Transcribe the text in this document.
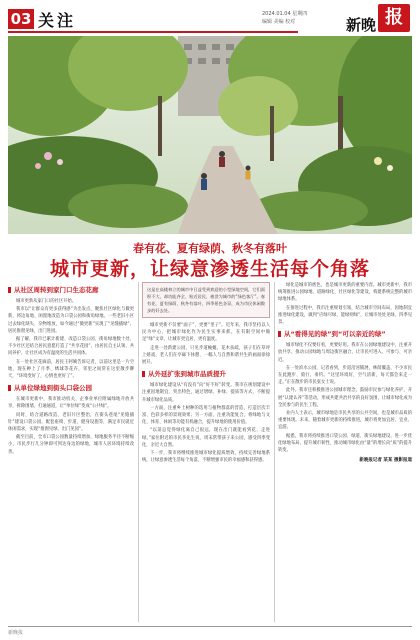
03 关注	2024.01.04 星期四
编辑 美编 校对	新晚 报
春有花、夏有绿荫、秋冬有落叶
城市更新，让绿意渗透生活每个角落
从社区周转到家门口生态花廊

城市更新从家门口的社区开始。

我市以“让群众有更多获得感”为出发点，聚焦社区绿化与微更新，将边角地、闲置地改造为口袋公园和街角绿地。一些老旧小区过去绿化缺失、杂物堆放，如今通过“微更新”实现了“见缝插绿”，居民推窗见绿、出门进园。

据了解，我市已累计新建、改造口袋公园、街角绿地数十处，不少社区还结合居民意愿打造了“共享花园”，由居民自主认领、共同养护，让社区成为有温度的生活共同体。

在一处社区花廊前，居民王阿姨告诉记者，以前这里是一片空地，现在种上了月季、绣球等花卉，邻里之间常在这里散步聊天，“环境变好了，心情也更好了”。

从单位绿地到街头口袋公园

在城市更新中，我市推动机关、企事业单位附属绿地开放共享，拆除围墙、打通通道，让“单位绿”变成“公共绿”。

同时，结合道路改造、老旧片区整治，在街头巷尾“见缝插针”建设口袋公园，配套座椅、步道、健身设施等，满足市民就近休闲需求，实现“推窗见绿、出门见园”。

截至目前，全市口袋公园数量持续增加，绿地服务半径不断缩小，市民步行几分钟即可到达身边的绿地，城市人居环境持续改善。

这是在高楼林立的城市中日益受到欢迎的小型绿地空间，它们面积不大，却功能齐全、贴近居民，被誉为城市的“绿色客厅”。春有花、夏有绿荫、秋冬有落叶，四季景色各异，成为市民休闲散步的好去处。

城市更新不仅要“面子”，更要“里子”。近年来，我市坚持以人民为中心，把城市绿化作为民生实事来抓，在有限空间中做足“绿”文章，让城市更宜居、更有温度。

走进一处新建公园，只见步道蜿蜒、花木扶疏，孩子们在草坪上嬉戏，老人们在亭廊下休憩，一幅人与自然和谐共生的画面徐徐展开。

从外延扩张到城市品质提升

城市绿化建设从“有没有”向“好不好”转变。我市在规划建设中注重因地制宜、突出特色，通过增绿、补绿、提质等方式，不断提升城市绿化品质。

一方面，注重乡土树种的选用与植物群落的营造，打造层次丰富、色彩多样的景观效果；另一方面，注重功能复合，将绿地与文化、体育、休闲等功能有机融合，提升绿地的使用价值。

“以前总觉得绿化离自己很远，现在出门就能看到花、走进绿。”家住附近的市民李先生说，周末常带孩子来公园，感受四季变化，亲近大自然。

下一步，我市将继续推进城市绿化提质增效，持续完善绿地系统，让绿意渗透生活每个角落，不断增强市民的幸福感和获得感。

绿化是城市的底色，也是城市更新的重要内容。城市更新中，我市统筹推进公园绿地、道路绿化、社区绿化等建设，构建系统完整的城市绿地体系。

在推进过程中，我市注重规划引领，结合城市空间布局，因地制宜推进绿化建设，做到“应绿尽绿、能绿则绿”，让城市处处见绿、四季见景。

从“看得见的绿”到“可以亲近的绿”

城市绿化不仅要好看，更要好用。我市在公园绿地建设中，注重开放共享，推动公园绿地与周边街区融合，让市民可进入、可参与、可亲近。

在一处滨水公园，记者看到，步道沿河铺展，林荫覆盖，不少市民在此跑步、骑行、垂钓。“这里环境好，空气清新，每天都会来走一走。”正在散步的市民张女士说。

此外，我市还积极推进公园城市理念，鼓励市民参与绿化养护，开展“认建认养”等活动，形成共建共治共享的良好氛围，让城市绿化成为全民参与的民生工程。

业内人士表示，城市绿地是市民共享的公共空间，也是城市品质的重要体现。未来，随着城市更新的持续推进，城市将更加宜居、宜业、宜游。

据悉，我市将持续推进口袋公园、绿道、街头绿地建设，进一步优化绿地布局，提升城市韧性，推动城市绿化由“量”的增长向“质”的提升转变。

新晚报记者 某某 摄影报道
新晚报
